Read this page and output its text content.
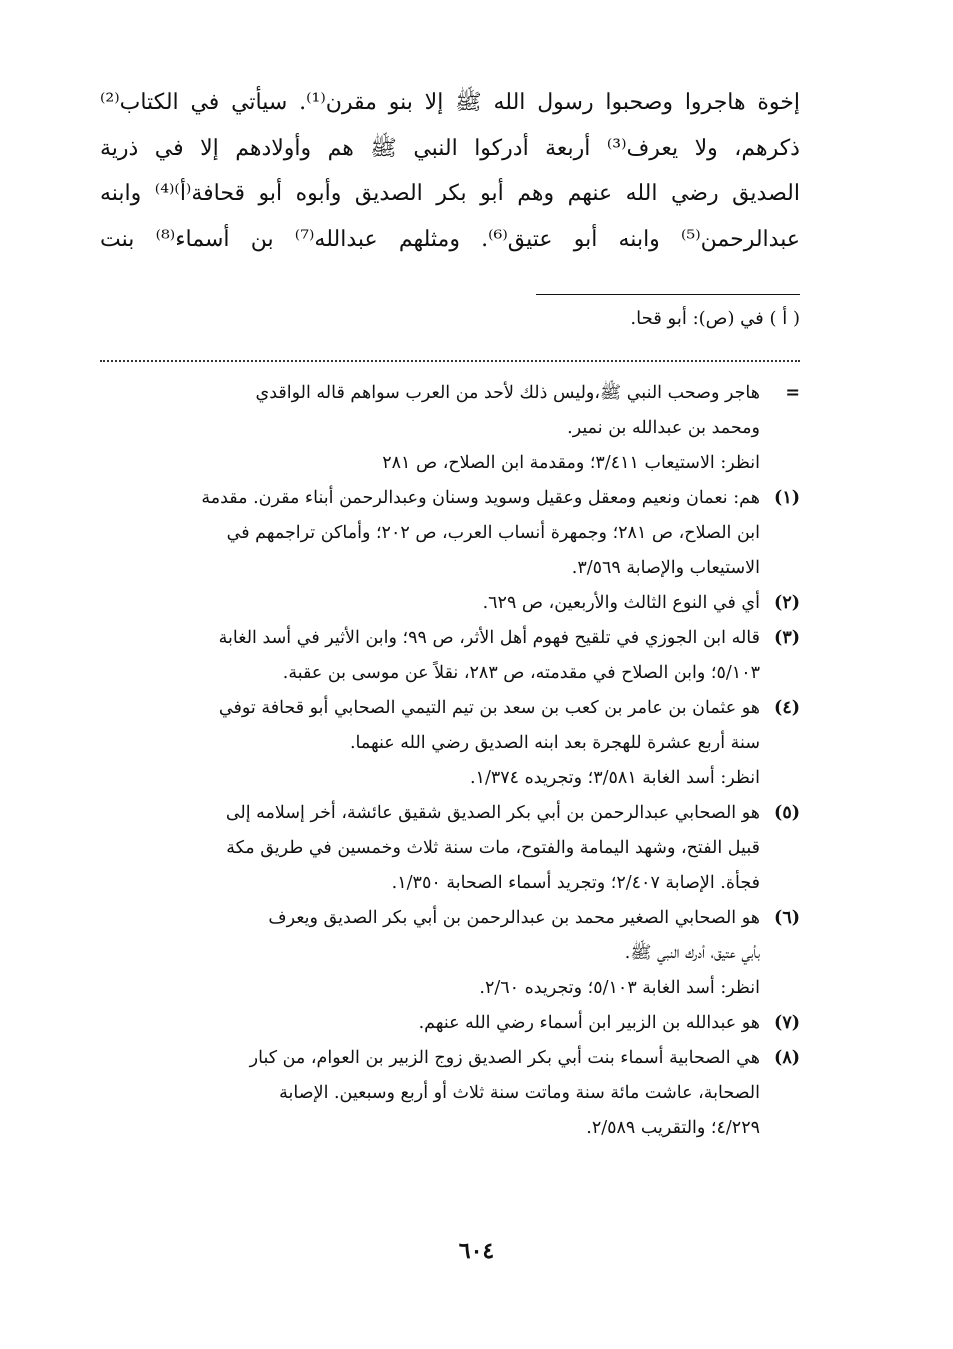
إخوة هاجروا وصحبوا رسول الله ﷺ إلا بنو مقرن⁽¹⁾. سيأتي في الكتاب⁽²⁾
ذكرهم، ولا يعرف⁽³⁾ أربعة أدركوا النبي ﷺ هم وأولادهم إلا في ذرية
الصديق رضي الله عنهم وهم أبو بكر الصديق وأبوه أبو قحافة⁽أ⁾⁽⁴⁾ وابنه
عبدالرحمن⁽⁵⁾ وابنه أبو عتيق⁽⁶⁾. ومثلهم عبدالله⁽⁷⁾ بن أسماء⁽⁸⁾ بنت
( أ ) في (ص): أبو قحا.
=
هاجر وصحب النبي ﷺ،وليس ذلك لأحد من العرب سواهم قاله الواقدي
ومحمد بن عبدالله بن نمير.
انظر: الاستيعاب ٣/٤١١؛ ومقدمة ابن الصلاح، ص ٢٨١
(١)
هم: نعمان ونعيم ومعقل وعقيل وسويد وسنان وعبدالرحمن أبناء مقرن. مقدمة
ابن الصلاح، ص ٢٨١؛ وجمهرة أنساب العرب، ص ٢٠٢؛ وأماكن تراجمهم في
الاستيعاب والإصابة ٣/٥٦٩.
(٢)
أي في النوع الثالث والأربعين، ص ٦٢٩.
(٣)
قاله ابن الجوزي في تلقيح فهوم أهل الأثر، ص ٩٩؛ وابن الأثير في أسد الغابة
٥/١٠٣؛ وابن الصلاح في مقدمته، ص ٢٨٣، نقلاً عن موسى بن عقبة.
(٤)
هو عثمان بن عامر بن كعب بن سعد بن تيم التيمي الصحابي أبو قحافة توفي
سنة أربع عشرة للهجرة بعد ابنه الصديق رضي الله عنهما.
انظر: أسد الغابة ٣/٥٨١؛ وتجريده ١/٣٧٤.
(٥)
هو الصحابي عبدالرحمن بن أبي بكر الصديق شقيق عائشة، أخر إسلامه إلى
قبيل الفتح، وشهد اليمامة والفتوح، مات سنة ثلاث وخمسين في طريق مكة
فجأة. الإصابة ٢/٤٠٧؛ وتجريد أسماء الصحابة ١/٣٥٠.
(٦)
هو الصحابي الصغير محمد بن عبدالرحمن بن أبي بكر الصديق ويعرف
بأبي عتيق، أدرك النبي ﷺ.
انظر: أسد الغابة ٥/١٠٣؛ وتجريده ٢/٦٠.
(٧)
هو عبدالله بن الزبير ابن أسماء رضي الله عنهم.
(٨)
هي الصحابية أسماء بنت أبي بكر الصديق زوج الزبير بن العوام، من كبار
الصحابة، عاشت مائة سنة وماتت سنة ثلاث أو أربع وسبعين. الإصابة
٤/٢٢٩؛ والتقريب ٢/٥٨٩.
٦٠٤
